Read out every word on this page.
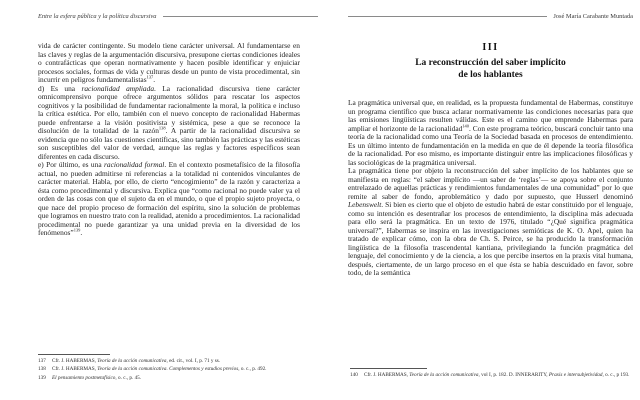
Entre la esfera pública y la política discursiva

vida de carácter contingente. Su modelo tiene carácter universal. Al fundamentarse en las claves y reglas de la argumentación discursiva, presupone ciertas condiciones ideales o contrafácticas que operan normativamente y hacen posible identificar y enjuiciar procesos sociales, formas de vida y culturas desde un punto de vista procedimental, sin incurrir en peligros fundamentalistas$^{137}$.

d) Es una racionalidad ampliada. La racionalidad discursiva tiene carácter omnicomprensivo porque ofrece argumentos sólidos para rescatar los aspectos cognitivos y la posibilidad de fundamentar racionalmente la moral, la política e incluso la crítica estética. Por ello, también con el nuevo concepto de racionalidad Habermas puede enfrentarse a la visión positivista y sistémica, pese a que se reconoce la disolución de la totalidad de la razón$^{138}$. A partir de la racionalidad discursiva se evidencia que no sólo las cuestiones científicas, sino también las prácticas y las estéticas son susceptibles del valor de verdad, aunque las reglas y factores específicos sean diferentes en cada discurso.

e) Por último, es una racionalidad formal. En el contexto posmetafísico de la filosofía actual, no pueden admitirse ni referencias a la totalidad ni contenidos vinculantes de carácter material. Habla, por ello, de cierto “encogimiento” de la razón y caracteriza a ésta como procedimental y discursiva. Explica que “como racional no puede valer ya el orden de las cosas con que el sujeto da en el mundo, o que el propio sujeto proyecta, o que nace del propio proceso de formación del espíritu, sino la solución de problemas que logramos en nuestro trato con la realidad, atenido a procedimientos. La racionalidad procedimental no puede garantizar ya una unidad previa en la diversidad de los fenómenos”$^{139}$.

137	Cfr. J. HABERMAS, Teoría de la acción comunicativa, ed. cit., vol. I, p. 71 y ss.
138	Cfr. J. HABERMAS, Teoría de la acción comunicativa. Complementos y estudios previos, o. c., p. 492.
139	El pensamiento postmetafísico, o. c., p. 45.
José María Carabante Muntada
III
La reconstrucción del saber implícito
de los hablantes

La pragmática universal que, en realidad, es la propuesta fundamental de Habermas, constituye un programa científico que busca aclarar normativamente las condiciones necesarias para que las emisiones lingüísticas resulten válidas. Este es el camino que emprende Habermas para ampliar el horizonte de la racionalidad$^{140}$. Con este programa teórico, buscará concluir tanto una teoría de la racionalidad como una Teoría de la Sociedad basada en procesos de entendimiento. Es un último intento de fundamentación en la medida en que de él depende la teoría filosófica de la racionalidad. Por eso mismo, es importante distinguir entre las implicaciones filosóficas y las sociológicas de la pragmática universal.

La pragmática tiene por objeto la reconstrucción del saber implícito de los hablantes que se manifiesta en reglas: “el saber implícito —un saber de ‘reglas’— se apoya sobre el conjunto entrelazado de aquellas prácticas y rendimientos fundamentales de una comunidad” por lo que remite al saber de fondo, aproblemático y dado por supuesto, que Husserl denominó Lebenswelt. Si bien es cierto que el objeto de estudio habrá de estar constituido por el lenguaje, como su intención es desentrañar los procesos de entendimiento, la disciplina más adecuada para ello será la pragmática. En un texto de 1976, titulado “¿Qué significa pragmática universal?”, Habermas se inspira en las investigaciones semióticas de K. O. Apel, quien ha tratado de explicar cómo, con la obra de Ch. S. Peirce, se ha producido la transformación lingüística de la filosofía trascendental kantiana, privilegiando la función pragmática del lenguaje, del conocimiento y de la ciencia, a los que percibe insertos en la praxis vital humana, después, ciertamente, de un largo proceso en el que ésta se había descuidado en favor, sobre todo, de la semántica

140	Cfr. J. HABERMAS, Teoría de la acción comunicativa, vol I, p. 182. D. INNERARITY, Praxis e intersubjetividad, o. c., p 193.
